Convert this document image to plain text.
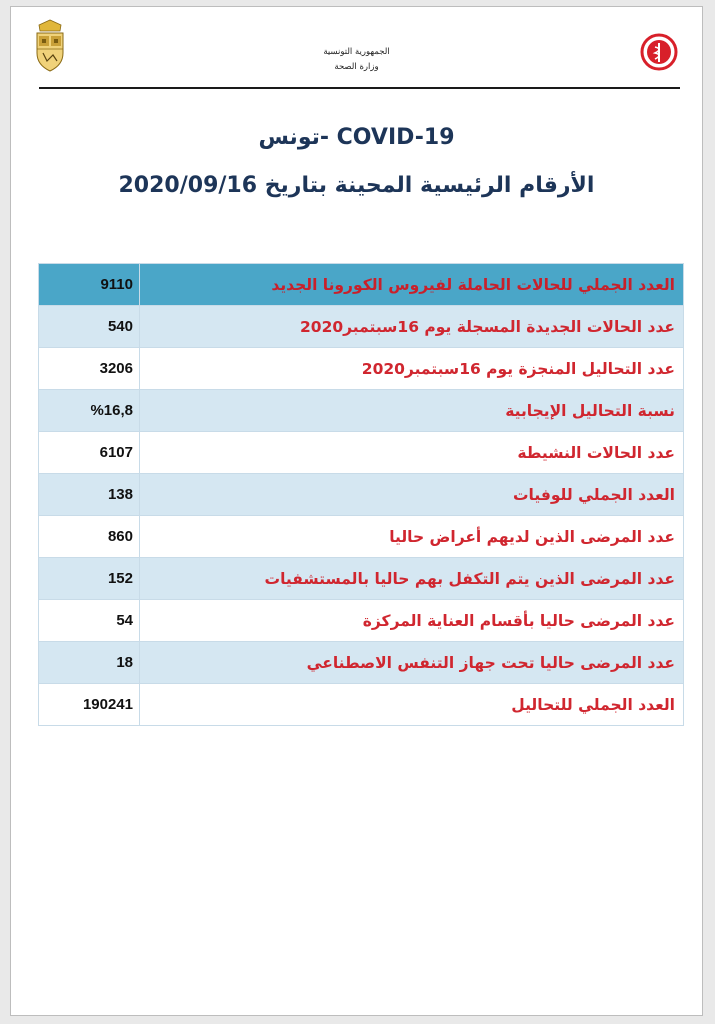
الجمهورية التونسية
وزارة الصحة
COVID-19 -تونس
الأرقام الرئيسية المحينة بتاريخ 2020/09/16
9110	العدد الجملي للحالات الحاملة لفيروس الكورونا الجديد
540	عدد الحالات الجديدة المسجلة يوم 16سبتمبر2020
3206	عدد التحاليل المنجزة يوم 16سبتمبر2020
%16,8	نسبة التحاليل الإيجابية
6107	عدد الحالات النشيطة
138	العدد الجملي للوفيات
860	عدد المرضى الذين لديهم أعراض حاليا
152	عدد المرضى الذين يتم التكفل بهم حاليا بالمستشفيات
54	عدد المرضى حاليا بأقسام العناية المركزة
18	عدد المرضى حاليا تحت جهاز التنفس الاصطناعي
190241	العدد الجملي للتحاليل
